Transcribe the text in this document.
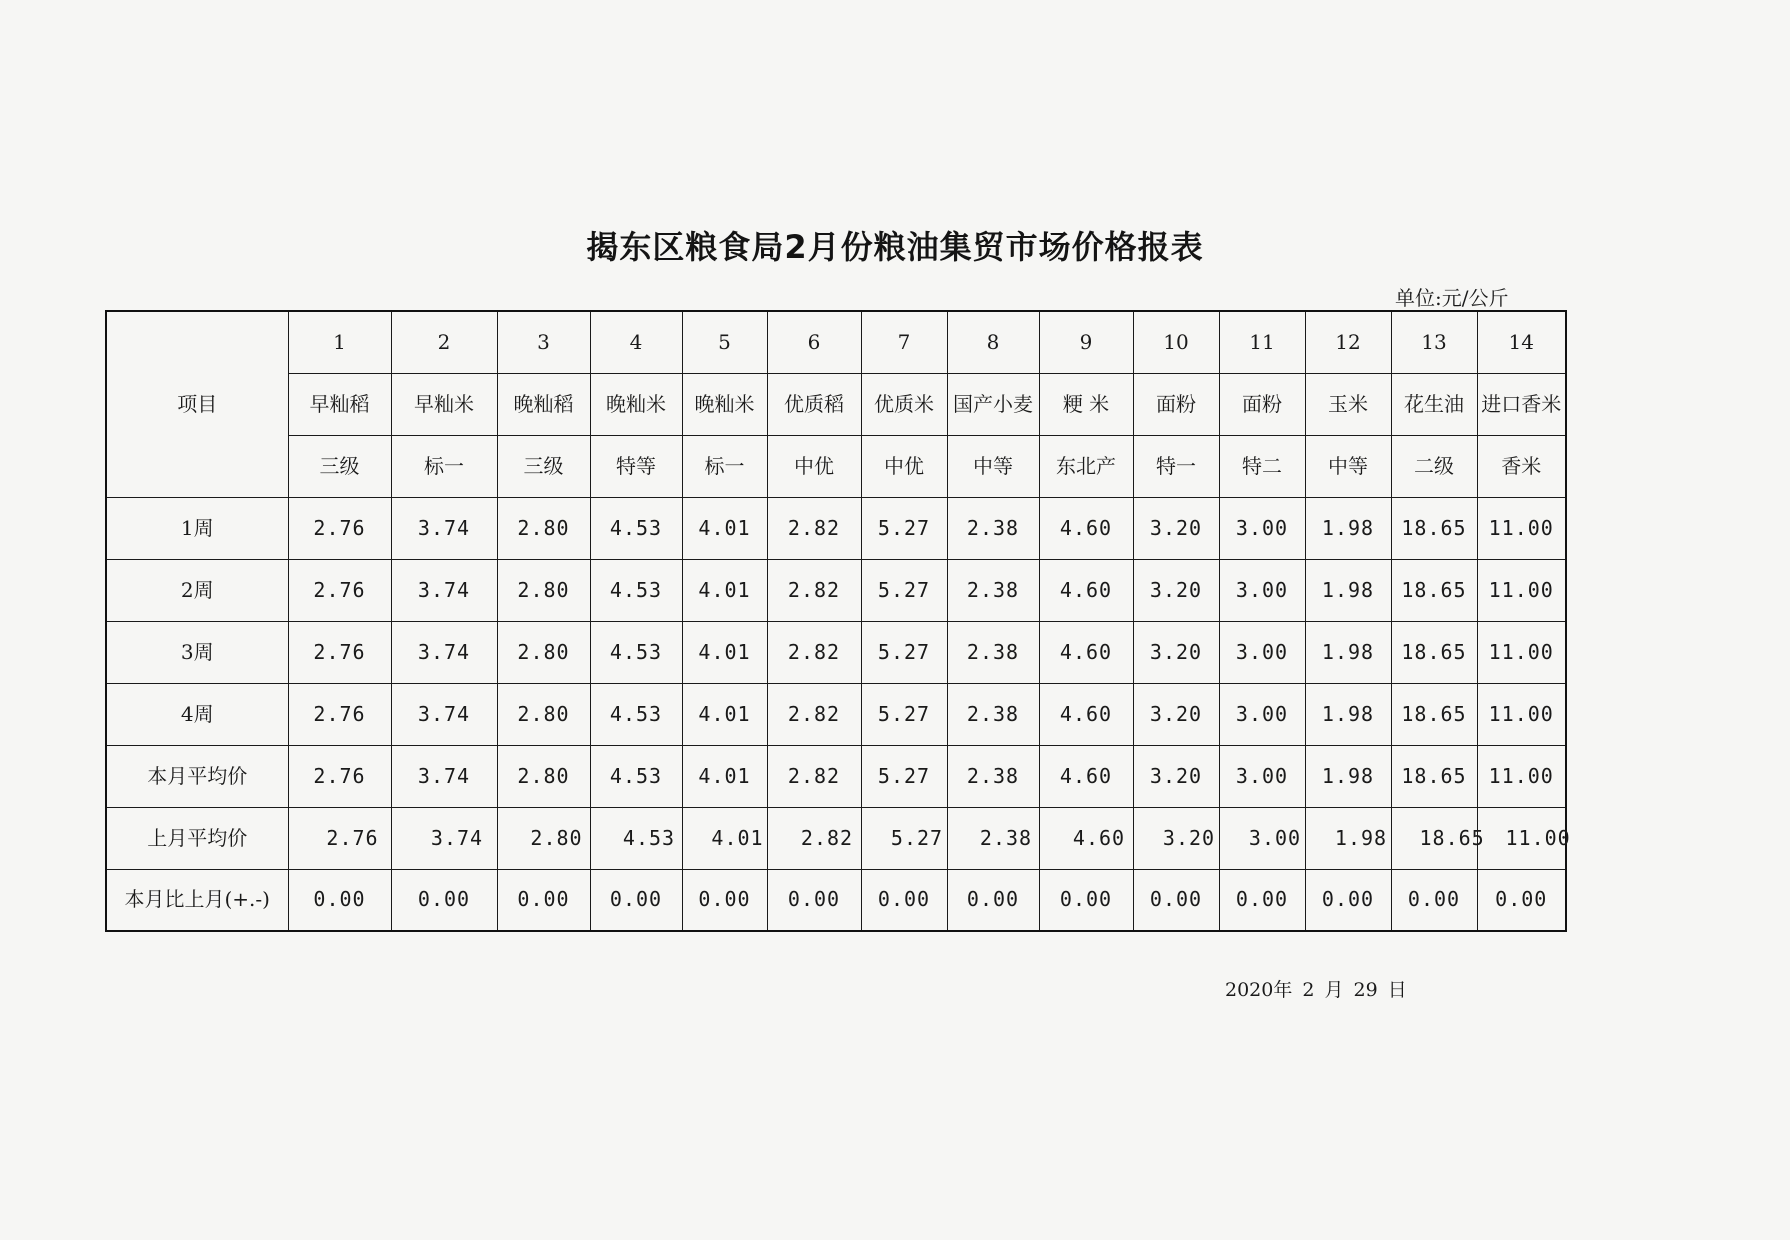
揭东区粮食局2月份粮油集贸市场价格报表
单位:元/公斤
项目	1	2	3	4	5	6	7	8	9	10	11	12	13	14
	早籼稻	早籼米	晚籼稻	晚籼米	晚籼米	优质稻	优质米	国产小麦	粳 米	面粉	面粉	玉米	花生油	进口香米
	三级	标一	三级	特等	标一	中优	中优	中等	东北产	特一	特二	中等	二级	香米
1周	2.76	3.74	2.80	4.53	4.01	2.82	5.27	2.38	4.60	3.20	3.00	1.98	18.65	11.00
2周	2.76	3.74	2.80	4.53	4.01	2.82	5.27	2.38	4.60	3.20	3.00	1.98	18.65	11.00
3周	2.76	3.74	2.80	4.53	4.01	2.82	5.27	2.38	4.60	3.20	3.00	1.98	18.65	11.00
4周	2.76	3.74	2.80	4.53	4.01	2.82	5.27	2.38	4.60	3.20	3.00	1.98	18.65	11.00
本月平均价	2.76	3.74	2.80	4.53	4.01	2.82	5.27	2.38	4.60	3.20	3.00	1.98	18.65	11.00
上月平均价	2.76	3.74	2.80	4.53	4.01	2.82	5.27	2.38	4.60	3.20	3.00	1.98	18.65	11.00
本月比上月(+.-)	0.00	0.00	0.00	0.00	0.00	0.00	0.00	0.00	0.00	0.00	0.00	0.00	0.00	0.00
2020年 2 月 29 日
